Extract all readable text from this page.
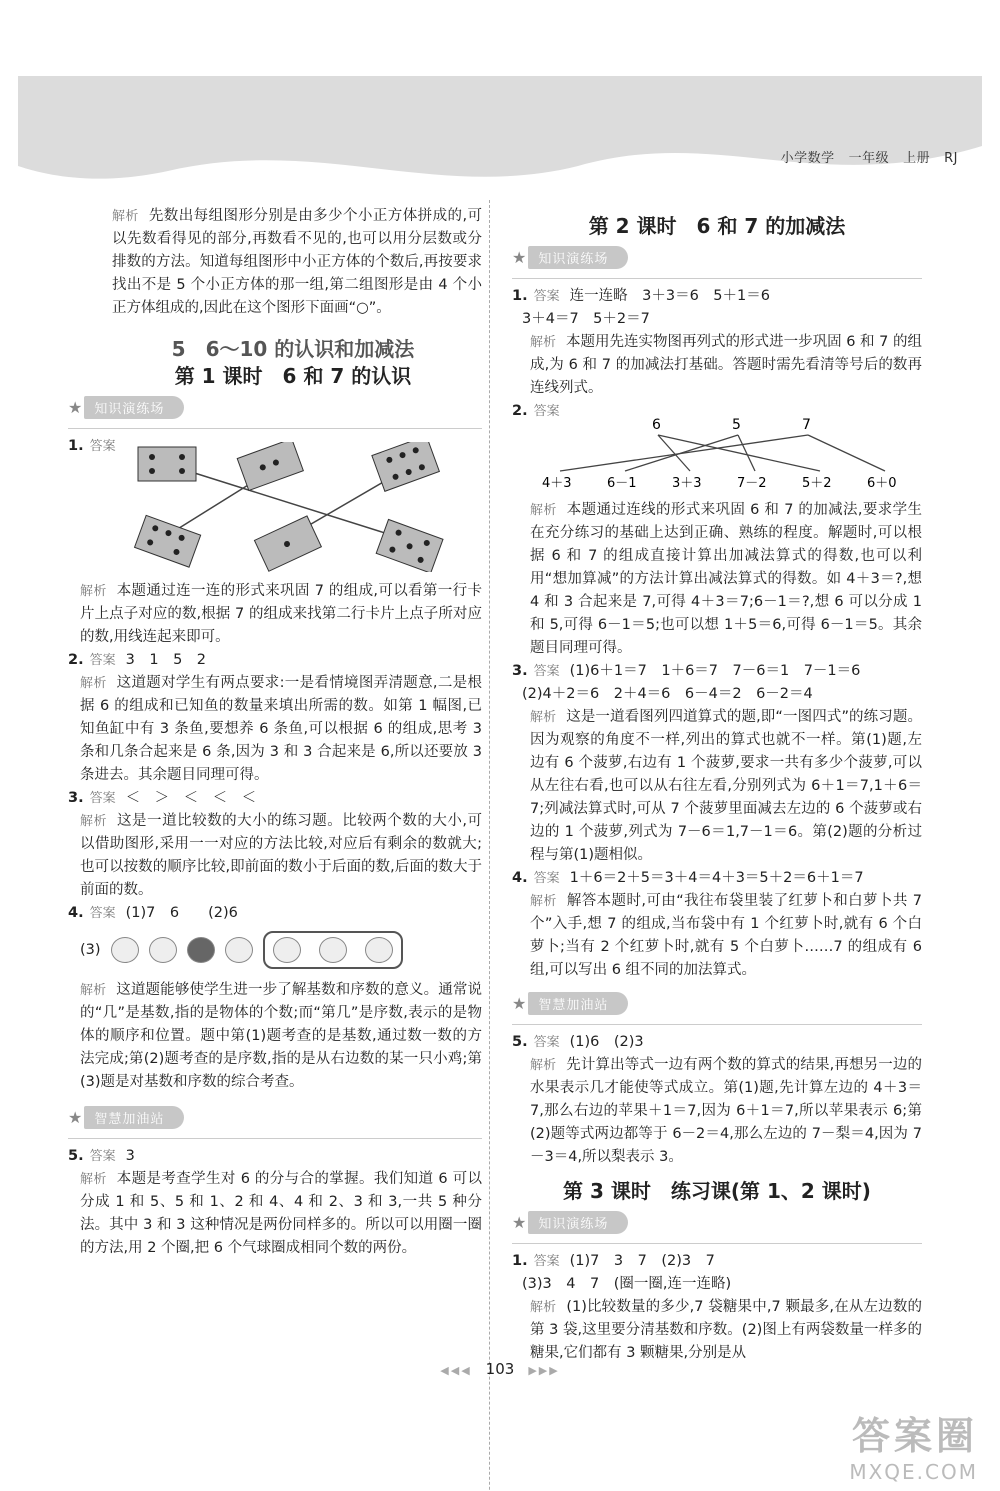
小学数学 一年级 上册 RJ
解析 先数出每组图形分别是由多少个小正方体拼成的,可以先数看得见的部分,再数看不见的,也可以用分层数或分排数的方法。知道每组图形中小正方体的个数后,再按要求找出不是 5 个小正方体的那一组,第二组图形是由 4 个小正方体组成的,因此在这个图形下面画“○”。
5　6～10 的认识和加减法
第 1 课时　6 和 7 的认识
★ 知识演练场
1. 答案
解析 本题通过连一连的形式来巩固 7 的组成,可以看第一行卡片上点子对应的数,根据 7 的组成来找第二行卡片上点子所对应的数,用线连起来即可。
2. 答案 3　1　5　2
解析 这道题对学生有两点要求:一是看情境图弄清题意,二是根据 6 的组成和已知鱼的数量来填出所需的数。如第 1 幅图,已知鱼缸中有 3 条鱼,要想养 6 条鱼,可以根据 6 的组成,思考 3 条和几条合起来是 6 条,因为 3 和 3 合起来是 6,所以还要放 3 条进去。其余题目同理可得。
3. 答案 ＜　＞　＜　＜　＜
解析 这是一道比较数的大小的练习题。比较两个数的大小,可以借助图形,采用一一对应的方法比较,对应后有剩余的数就大;也可以按数的顺序比较,即前面的数小于后面的数,后面的数大于前面的数。
4. 答案 (1)7　6　　(2)6
(3)
解析 这道题能够使学生进一步了解基数和序数的意义。通常说的“几”是基数,指的是物体的个数;而“第几”是序数,表示的是物体的顺序和位置。题中第(1)题考查的是基数,通过数一数的方法完成;第(2)题考查的是序数,指的是从右边数的某一只小鸡;第(3)题是对基数和序数的综合考查。
★ 智慧加油站
5. 答案 3
解析 本题是考查学生对 6 的分与合的掌握。我们知道 6 可以分成 1 和 5、5 和 1、2 和 4、4 和 2、3 和 3,一共 5 种分法。其中 3 和 3 这种情况是两份同样多的。所以可以用圈一圈的方法,用 2 个圈,把 6 个气球圈成相同个数的两份。
第 2 课时　6 和 7 的加减法
★ 知识演练场
1. 答案 连一连略　3＋3＝6　5＋1＝6
3＋4＝7　5＋2＝7
解析 本题用先连实物图再列式的形式进一步巩固 6 和 7 的组成,为 6 和 7 的加减法打基础。答题时需先看清等号后的数再连线列式。
2. 答案
6	5	7
4＋3	6－1	3＋3	7－2	5＋2	6＋0
解析 本题通过连线的形式来巩固 6 和 7 的加减法,要求学生在充分练习的基础上达到正确、熟练的程度。解题时,可以根据 6 和 7 的组成直接计算出加减法算式的得数,也可以利用“想加算减”的方法计算出减法算式的得数。如 4＋3＝?,想 4 和 3 合起来是 7,可得 4＋3＝7;6－1＝?,想 6 可以分成 1 和 5,可得 6－1＝5;也可以想 1＋5＝6,可得 6－1＝5。其余题目同理可得。
3. 答案 (1)6＋1＝7　1＋6＝7　7－6＝1　7－1＝6
(2)4＋2＝6　2＋4＝6　6－4＝2　6－2＝4
解析 这是一道看图列四道算式的题,即“一图四式”的练习题。因为观察的角度不一样,列出的算式也就不一样。第(1)题,左边有 6 个菠萝,右边有 1 个菠萝,要求一共有多少个菠萝,可以从左往右看,也可以从右往左看,分别列式为 6＋1＝7,1＋6＝7;列减法算式时,可从 7 个菠萝里面减去左边的 6 个菠萝或右边的 1 个菠萝,列式为 7－6＝1,7－1＝6。第(2)题的分析过程与第(1)题相似。
4. 答案 1＋6＝2＋5＝3＋4＝4＋3＝5＋2＝6＋1＝7
解析 解答本题时,可由“我往布袋里装了红萝卜和白萝卜共 7 个”入手,想 7 的组成,当布袋中有 1 个红萝卜时,就有 6 个白萝卜;当有 2 个红萝卜时,就有 5 个白萝卜……7 的组成有 6 组,可以写出 6 组不同的加法算式。
★ 智慧加油站
5. 答案 (1)6　(2)3
解析 先计算出等式一边有两个数的算式的结果,再想另一边的水果表示几才能使等式成立。第(1)题,先计算左边的 4＋3＝7,那么右边的苹果＋1＝7,因为 6＋1＝7,所以苹果表示 6;第(2)题等式两边都等于 6－2＝4,那么左边的 7－梨＝4,因为 7－3＝4,所以梨表示 3。
第 3 课时　练习课(第 1、2 课时)
★ 知识演练场
1. 答案 (1)7　3　7　(2)3　7
(3)3　4　7　(圈一圈,连一连略)
解析 (1)比较数量的多少,7 袋糖果中,7 颗最多,在从左边数的第 3 袋,这里要分清基数和序数。(2)图上有两袋数量一样多的糖果,它们都有 3 颗糖果,分别是从
◀◀◀ 103 ▶▶▶
答案圈
MXQE.COM
